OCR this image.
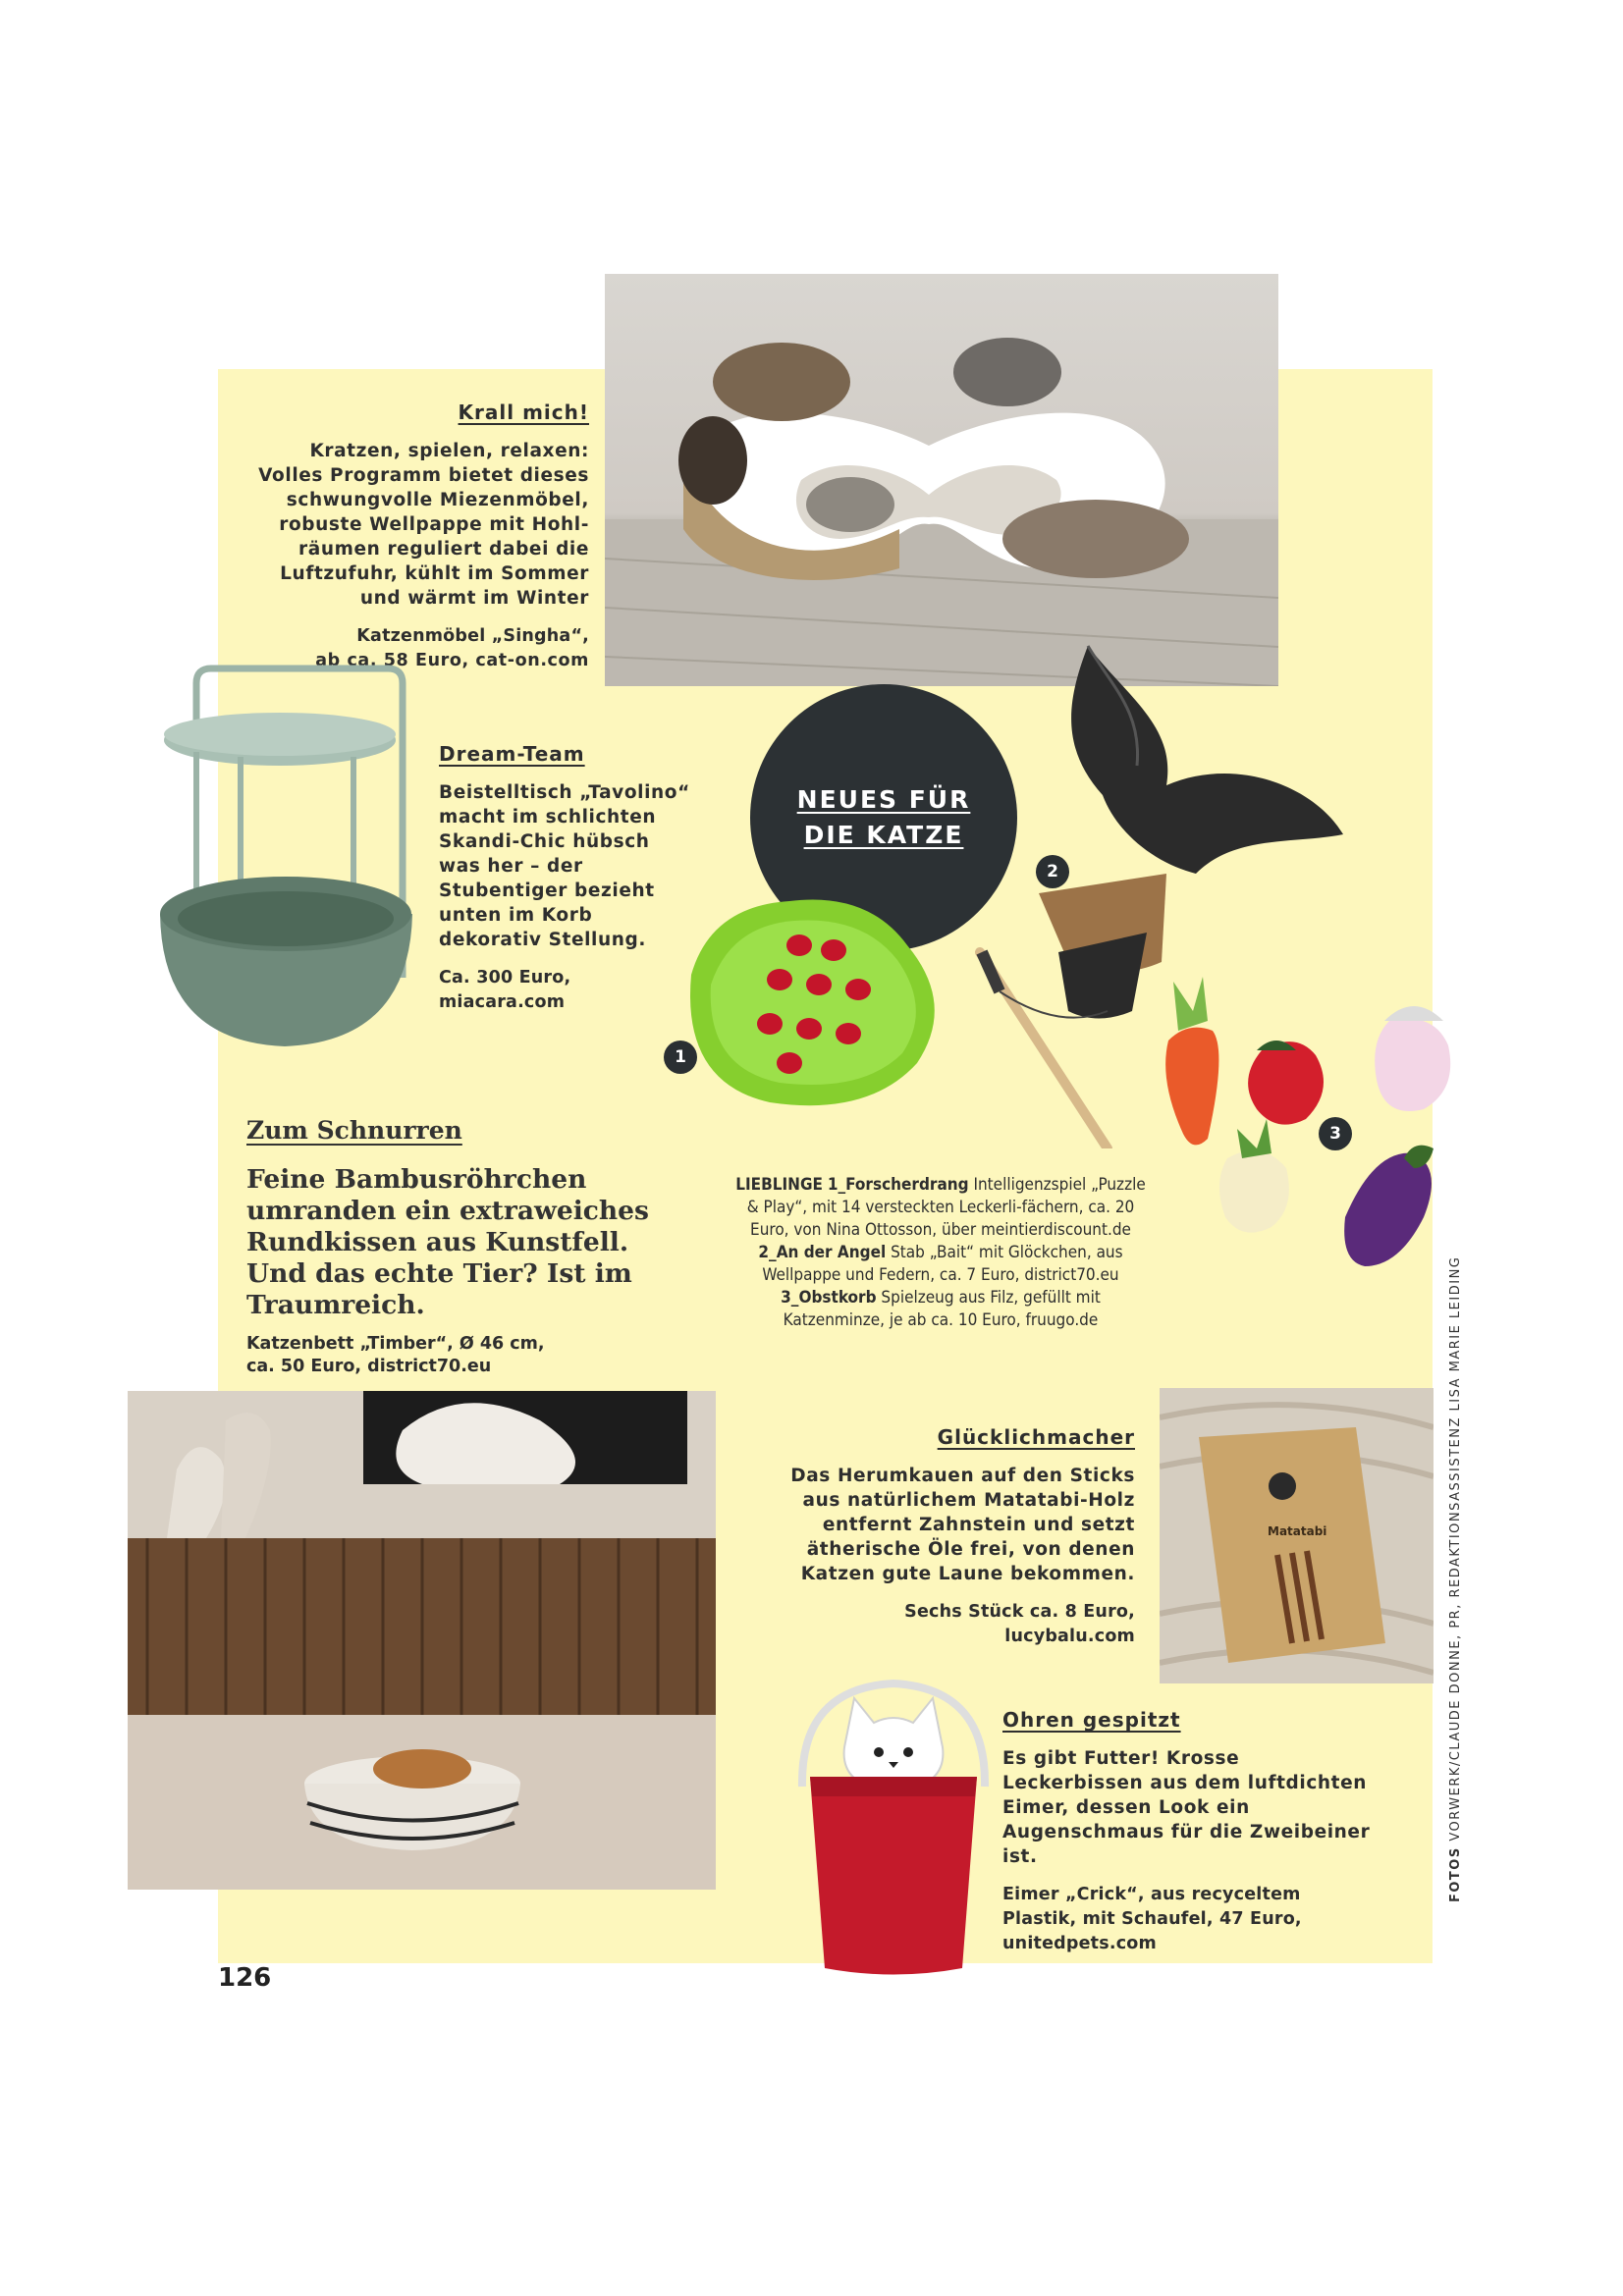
Krall mich!

Kratzen, spielen, relaxen: Volles Programm bietet dieses schwungvolle Miezenmöbel, robuste Wellpappe mit Hohl-räumen reguliert dabei die Luftzufuhr, kühlt im Sommer und wärmt im Winter

Katzenmöbel „Singha“,

ab ca. 58 Euro, cat-on.com

Dream-Team

Beistelltisch „Tavolino“ macht im schlichten Skandi-Chic hübsch was her – der Stubentiger bezieht unten im Korb dekorativ Stellung.

Ca. 300 Euro, miacara.com

NEUES FÜR
DIE KATZE
1
2
3
Zum Schnurren
Feine Bambusröhrchen umranden ein extraweiches Rundkissen aus Kunstfell. Und das echte Tier? Ist im Traumreich.
Katzenbett „Timber“, Ø 46 cm,
ca. 50 Euro, district70.eu
LIEBLINGE 1_Forscherdrang Intelligenzspiel „Puzzle & Play“, mit 14 versteckten Leckerli-fächern, ca. 20 Euro, von Nina Ottosson, über meintierdiscount.de 2_An der Angel Stab „Bait“ mit Glöckchen, aus Wellpappe und Federn, ca. 7 Euro, district70.eu 3_Obstkorb Spielzeug aus Filz, gefüllt mit Katzenminze, je ab ca. 10 Euro, fruugo.de
Glücklichmacher

Das Herumkauen auf den Sticks aus natürlichem Matatabi-Holz entfernt Zahnstein und setzt ätherische Öle frei, von denen Katzen gute Laune bekommen.

Sechs Stück ca. 8 Euro, lucybalu.com

Matatabi
Ohren gespitzt

Es gibt Futter! Krosse Leckerbissen aus dem luftdichten Eimer, dessen Look ein Augenschmaus für die Zweibeiner ist.

Eimer „Crick“, aus recyceltem Plastik, mit Schaufel, 47 Euro, unitedpets.com

126
FOTOS VORWERK/CLAUDE DONNE, PR, REDAKTIONSASSISTENZ LISA MARIE LEIDING
